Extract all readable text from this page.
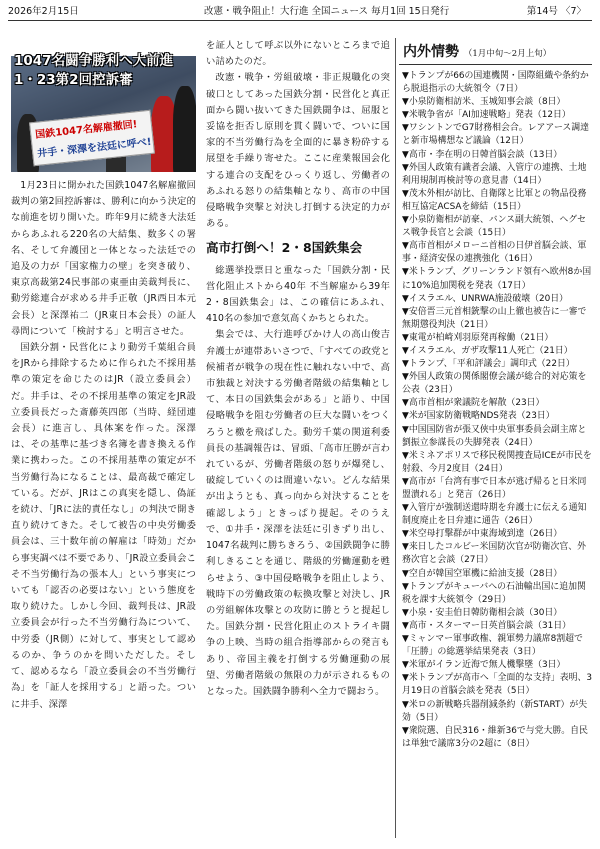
2026年2月15日	改憲・戦争阻止！大行進 全国ニュース 毎月1回 15日発行	第14号 〈7〉
国鉄1047名解雇撤回!
井手・深澤を法廷に呼べ!
1047名闘争勝利へ大前進
1・23第2回控訴審

1月23日に開かれた国鉄1047名解雇撤回裁判の第2回控訴審は、勝利に向かう決定的な前進を切り開いた。昨年9月に続き大法廷からあふれる220名の大結集、数多くの署名、そして弁護団と一体となった法廷での追及の力が「国家権力の壁」を突き破り、東京高裁第24民事部の東亜由美裁判長に、動労総連合が求める井手正敬（JR西日本元会長）と深澤祐二（JR東日本会長）の証人尋問について「検討する」と明言させた。

国鉄分割・民営化により動労千葉組合員をJRから排除するために作られた不採用基準の策定を命じたのはJR（設立委員会）だ。井手は、その不採用基準の策定をJR設立委員長だった斎藤英四郎（当時、経団連会長）に進言し、具体案を作った。深澤は、その基準に基づき名簿を書き換える作業に携わった。この不採用基準の策定が不当労働行為になることは、最高裁で確定している。だが、JRはこの真実を隠し、偽証を続け、「JRに法的責任なし」の判決で開き直り続けてきた。そして被告の中央労働委員会は、三十数年前の解雇は「時効」だから事実調べは不要であり、「JR設立委員会こそ不当労働行為の張本人」という事実についても「認否の必要はない」という態度を取り続けた。しかし今回、裁判長は、JR設立委員会が行った不当労働行為について、中労委（JR側）に対して、事実として認めるのか、争うのかを問いただした。そして、認めるなら「設立委員会の不当労働行為」を「証人を採用する」と語った。ついに井手、深澤

を証人として呼ぶ以外にないところまで追い詰めたのだ。

改憲・戦争・労組破壊・非正規職化の突破口としてあった国鉄分割・民営化と真正面から闘い抜いてきた国鉄闘争は、屈服と妥協を拒否し原則を貫く闘いで、ついに国家的不当労働行為を全面的に暴き粉砕する展望を手繰り寄せた。ここに産業報国会化する連合の支配をひっくり返し、労働者のあふれる怒りの結集軸となり、高市の中国侵略戦争突撃と対決し打倒する決定的力がある。

高市打倒へ！2・8国鉄集会

総選挙投票日と重なった「国鉄分割・民営化阻止ストから40年 不当解雇から39年 2・8国鉄集会」は、この確信にあふれ、410名の参加で意気高くかちとられた。

集会では、大行進呼びかけ人の高山俊吉弁護士が連帯あいさつで、「すべての政党と候補者が戦争の現在性に触れない中で、高市独裁と対決する労働者階級の結集軸として、本日の国鉄集会がある」と語り、中国侵略戦争を阻む労働者の巨大な闘いをつくろうと檄を飛ばした。動労千葉の関道利委員長の基調報告は、冒頭、「高市圧勝が言われているが、労働者階級の怒りが爆発し、破綻していくのは間違いない。どんな結果が出ようとも、真っ向から対決することを確認しよう」ときっぱり提起。そのうえで、①井手・深澤を法廷に引きずり出し、1047名裁判に勝ちきろう、②国鉄闘争に勝利しきることを通じ、階級的労働運動を甦らせよう、③中国侵略戦争を阻止しよう、戦時下の労働政策の転換攻撃と対決し、JRの労組解体攻撃との攻防に勝とうと提起した。国鉄分割・民営化阻止のストライキ闘争の上映、当時の組合指導部からの発言もあり、帝国主義を打倒する労働運動の展望、労働者階級の無限の力が示されるものとなった。国鉄闘争勝利へ全力で闘おう。

内外情勢 （1月中旬〜2月上旬）
▼トランプが66の国連機関・国際組織や条約から脱退指示の大統領令（7日）
▼小泉防衛相訪米、玉城知事会談（8日）
▼米戦争省が「AI加速戦略」発表（12日）
▼ワシントンでG7財務相会合。レアアース調達と新市場構想など議論（12日）
▼高市・李在明の日韓首脳会談（13日）
▼外国人政策有識者会議、入管庁の連携、土地利用規制再検討等の意見書（14日）
▼茂木外相が訪比、自衛隊と比軍との物品役務相互協定ACSAを締結（15日）
▼小泉防衛相が訪豪、バンス副大統領、ヘグセス戦争長官と会談（15日）
▼高市首相がメローニ首相の日伊首脳会談、軍事・経済安保の連携強化（16日）
▼米トランプ、グリーンランド領有へ欧州8か国に10%追加関税を発表（17日）
▼イスラエル、UNRWA施設破壊（20日）
▼安倍晋三元首相銃撃の山上徹也被告に一審で無期懲役判決（21日）
▼東電が柏崎刈羽原発再稼働（21日）
▼イスラエル、ガザ攻撃11人死亡（21日）
▼トランプ、「平和評議会」調印式（22日）
▼外国人政策の関係閣僚会議が総合的対応策を公表（23日）
▼高市首相が衆議院を解散（23日）
▼米が国家防衛戦略NDS発表（23日）
▼中国国防省が張又俠中央軍事委員会副主席と劉振立参謀長の失脚発表（24日）
▼米ミネアポリスで移民税関捜査局ICEが市民を射殺、今月2度目（24日）
▼高市が「台湾有事で日本が逃げ帰ると日米同盟潰れる」と発言（26日）
▼入管庁が強制送還時期を弁護士に伝える通知制度廃止を日弁連に通告（26日）
▼米空母打撃群が中東海域到達（26日）
▼来日したコルビー米国防次官が防衛次官、外務次官と会談（27日）
▼空自が韓国空軍機に給油支援（28日）
▼トランプがキューバへの石油輸出国に追加関税を課す大統領令（29日）
▼小泉・安圭伯日韓防衛相会談（30日）
▼高市・スターマー日英首脳会談（31日）
▼ミャンマー軍事政権、親軍勢力議席8割超で「圧勝」の総選挙結果発表（3日）
▼米軍がイラン近海で無人機撃墜（3日）
▼米トランプが高市へ「全面的な支持」表明、3月19日の首脳会談を発表（5日）
▼米ロの新戦略兵器削減条約（新START）が失効（5日）
▼衆院選、自民316・維新36で与党大勝。自民は単独で議席3分の2超に（8日）
